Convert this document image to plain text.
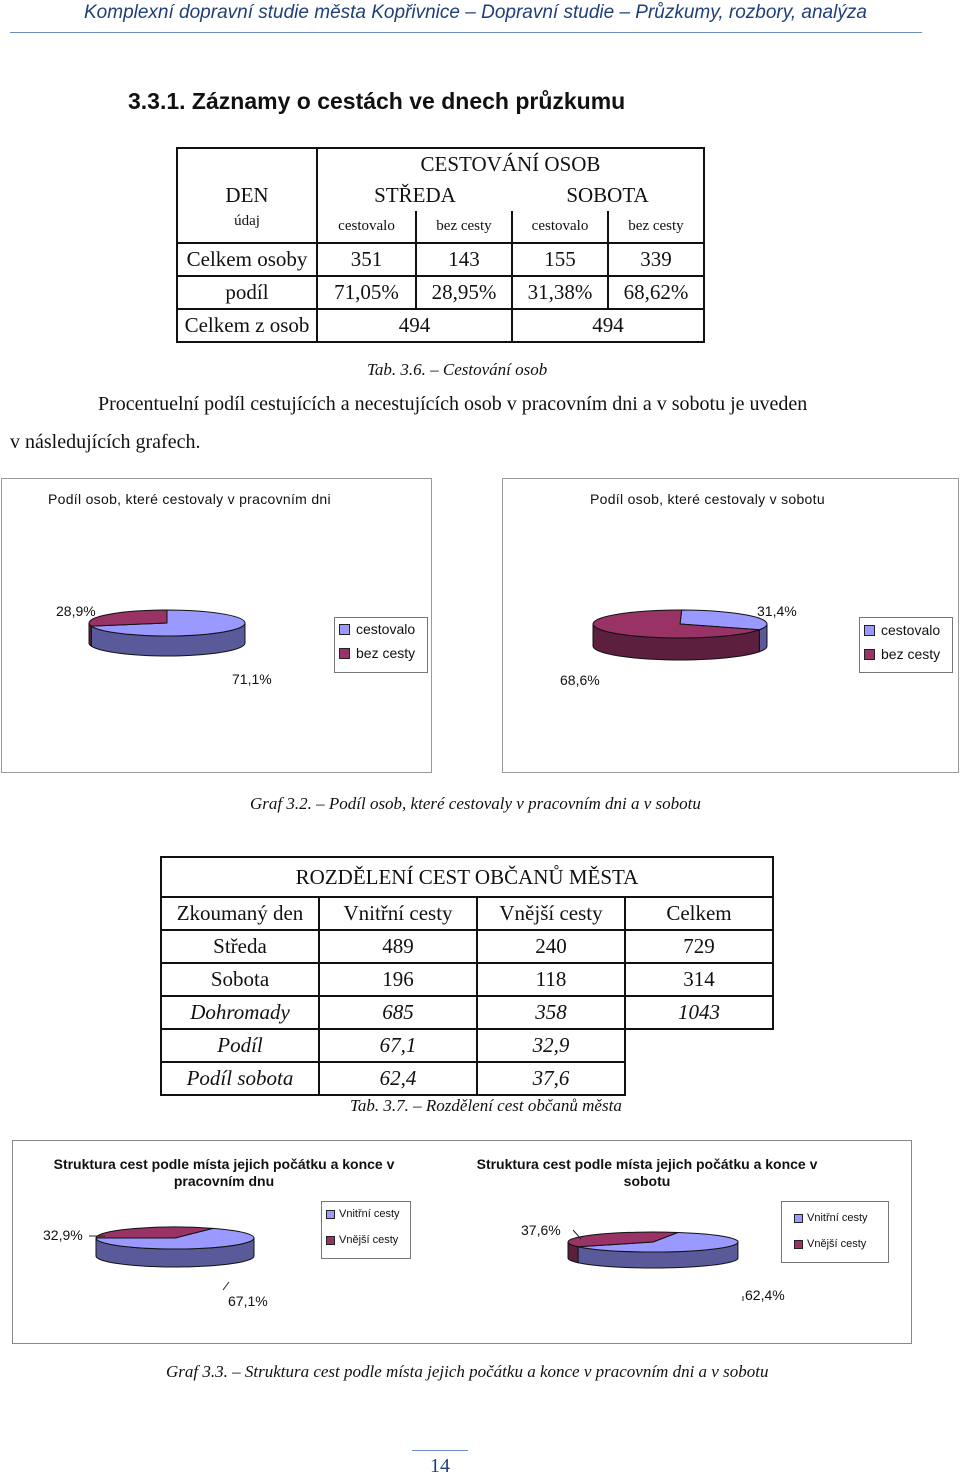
Komplexní dopravní studie města Kopřivnice – Dopravní studie – Průzkumy, rozbory, analýza
3.3.1. Záznamy o cestách ve dnech průzkumu
	CESTOVÁNÍ OSOB			
DEN	STŘEDA		SOBOTA	
údaj	cestovalo	bez cesty	cestovalo	bez cesty
Celkem osoby	351	143	155	339
podíl	71,05%	28,95%	31,38%	68,62%
Celkem z osob	494		494	
Tab. 3.6. – Cestování osob
Procentuelní podíl cestujících a necestujících osob v pracovním dni a v sobotu je uveden
v následujících grafech.
Podíl osob, které cestovaly v pracovním dni
28,9%
71,1%
cestovalo
bez cesty
Podíl osob, které cestovaly v sobotu
31,4%
68,6%
cestovalo
bez cesty
Graf 3.2. – Podíl osob, které cestovaly v pracovním dni a v sobotu
ROZDĚLENÍ CEST OBČANŮ MĚSTA			
Zkoumaný den	Vnitřní cesty	Vnější cesty	Celkem
Středa	489	240	729
Sobota	196	118	314
Dohromady	685	358	1043
Podíl	67,1	32,9	
Podíl sobota	62,4	37,6	
Tab. 3.7. – Rozdělení cest občanů města
Struktura cest podle místa jejich počátku a konce v pracovním dnu
32,9%
67,1%
Vnitřní cesty
Vnější cesty
Struktura cest podle místa jejich počátku a konce v sobotu
37,6%
62,4%
Vnitřní cesty
Vnější cesty
Graf 3.3. – Struktura cest podle místa jejich počátku a konce v pracovním dni a v sobotu
14
